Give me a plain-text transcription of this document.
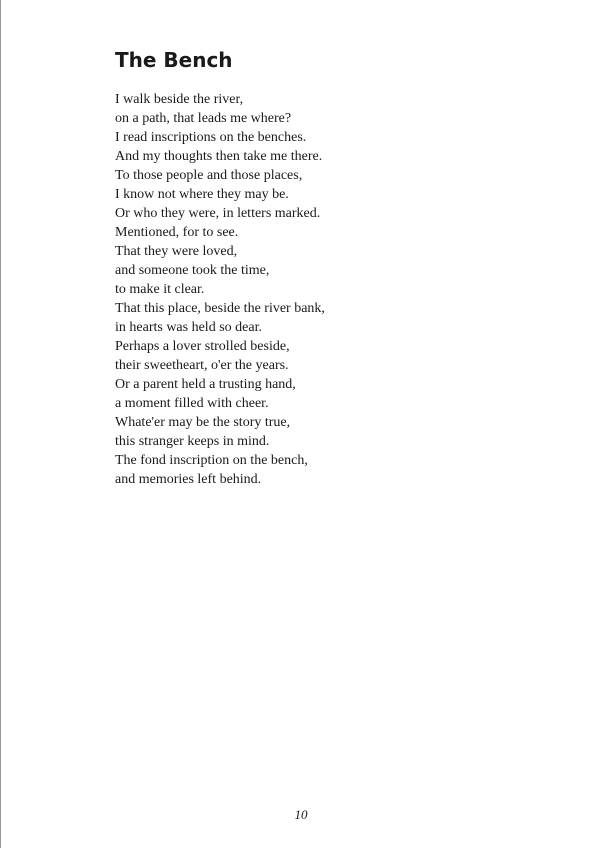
The Bench
I walk beside the river,
on a path, that leads me where?
I read inscriptions on the benches.
And my thoughts then take me there.
To those people and those places,
I know not where they may be.
Or who they were, in letters marked.
Mentioned, for to see.
That they were loved,
and someone took the time,
to make it clear.
That this place, beside the river bank,
in hearts was held so dear.
Perhaps a lover strolled beside,
their sweetheart, o'er the years.
Or a parent held a trusting hand,
a moment filled with cheer.
Whate'er may be the story true,
this stranger keeps in mind.
The fond inscription on the bench,
and memories left behind.
10
